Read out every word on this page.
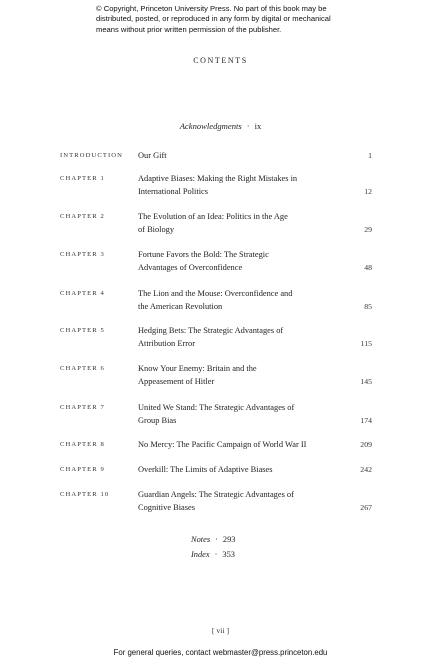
© Copyright, Princeton University Press. No part of this book may be
distributed, posted, or reproduced in any form by digital or mechanical
means without prior written permission of the publisher.
CONTENTS
Acknowledgments · ix
INTRODUCTION Our Gift	1
CHAPTER 1	Adaptive Biases: Making the Right Mistakes in
International Politics	12
CHAPTER 2	The Evolution of an Idea: Politics in the Age
of Biology	29
CHAPTER 3	Fortune Favors the Bold: The Strategic
Advantages of Overconfidence	48
CHAPTER 4	The Lion and the Mouse: Overconfidence and
the American Revolution	85
CHAPTER 5	Hedging Bets: The Strategic Advantages of
Attribution Error	115
CHAPTER 6	Know Your Enemy: Britain and the
Appeasement of Hitler	145
CHAPTER 7	United We Stand: The Strategic Advantages of
Group Bias	174
CHAPTER 8	No Mercy: The Pacific Campaign of World War II	209
CHAPTER 9	Overkill: The Limits of Adaptive Biases	242
CHAPTER 10	Guardian Angels: The Strategic Advantages of
Cognitive Biases	267
Notes · 293
Index · 353
[ vii ]
For general queries, contact webmaster@press.princeton.edu
